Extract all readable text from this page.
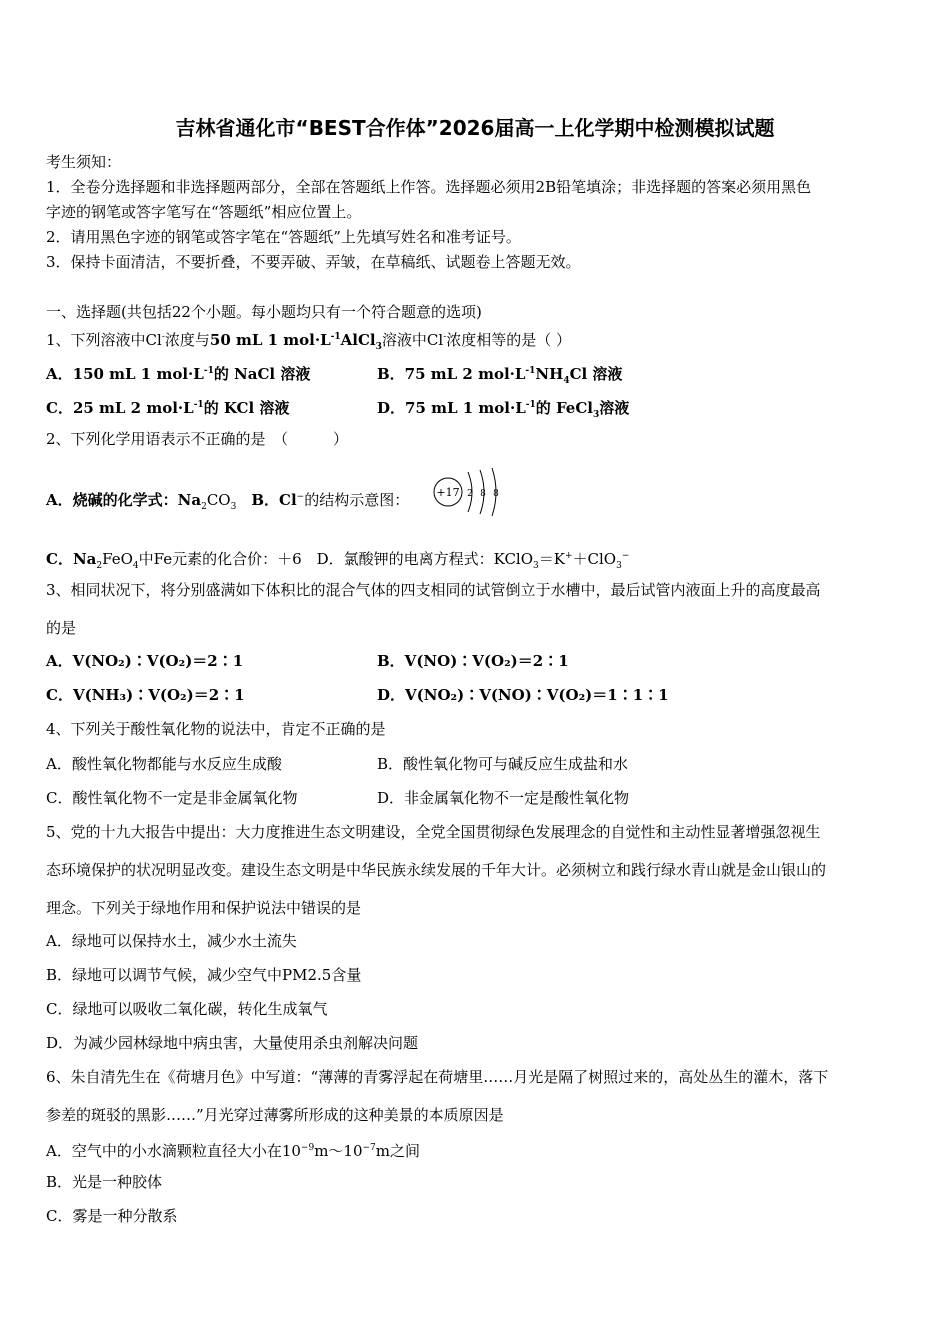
吉林省通化市“BEST合作体”2026届高一上化学期中检测模拟试题
考生须知：
1．全卷分选择题和非选择题两部分，全部在答题纸上作答。选择题必须用2B铅笔填涂；非选择题的答案必须用黑色
字迹的钢笔或答字笔写在“答题纸”相应位置上。
2．请用黑色字迹的钢笔或答字笔在“答题纸”上先填写姓名和准考证号。
3．保持卡面清洁，不要折叠，不要弄破、弄皱，在草稿纸、试题卷上答题无效。
一、选择题(共包括22个小题。每小题均只有一个符合题意的选项)
1、下列溶液中Cl-浓度与50 mL 1 $mol\cdot L^{-1}AlCl_3$溶液中Cl-浓度相等的是（ ）
A．150 mL 1 $mol\cdot L^{-1}$的 NaCl 溶液	B．75 mL 2 $mol\cdot L^{-1}NH_4Cl$ 溶液
C．25 mL 2 $mol\cdot L^{-1}$的 KCl 溶液	D．75 mL 1 $mol\cdot L^{-1}$的 FeCl$_3$溶液
2、下列化学用语表示不正确的是　（　　　）
A．烧碱的化学式：$Na_2CO_3$　B．Cl−的结构示意图： +17 2 8 8
C．$Na_2FeO_4$中Fe元素的化合价：＋6　D．氯酸钾的电离方程式：KClO$_3$＝K+＋ClO$_3$−
3、相同状况下，将分别盛满如下体积比的混合气体的四支相同的试管倒立于水槽中，最后试管内液面上升的高度最高
的是
A．V(NO₂)∶V(O₂)＝2∶1	B．V(NO)∶V(O₂)＝2∶1
C．V(NH₃)∶V(O₂)＝2∶1	D．V(NO₂)∶V(NO)∶V(O₂)＝1∶1∶1
4、下列关于酸性氧化物的说法中，肯定不正确的是
A．酸性氧化物都能与水反应生成酸	B．酸性氧化物可与碱反应生成盐和水
C．酸性氧化物不一定是非金属氧化物	D．非金属氧化物不一定是酸性氧化物
5、党的十九大报告中提出：大力度推进生态文明建设，全党全国贯彻绿色发展理念的自觉性和主动性显著增强忽视生
态环境保护的状况明显改变。建设生态文明是中华民族永续发展的千年大计。必须树立和践行绿水青山就是金山银山的
理念。下列关于绿地作用和保护说法中错误的是
A．绿地可以保持水土，减少水土流失
B．绿地可以调节气候，减少空气中PM2.5含量
C．绿地可以吸收二氧化碳，转化生成氧气
D．为减少园林绿地中病虫害，大量使用杀虫剂解决问题
6、朱自清先生在《荷塘月色》中写道：“薄薄的青雾浮起在荷塘里……月光是隔了树照过来的，高处丛生的灌木，落下
参差的斑驳的黑影……”月光穿过薄雾所形成的这种美景的本质原因是
A．空气中的小水滴颗粒直径大小在$10^{-9}m\sim 10^{-7}m$之间
B．光是一种胶体
C．雾是一种分散系
